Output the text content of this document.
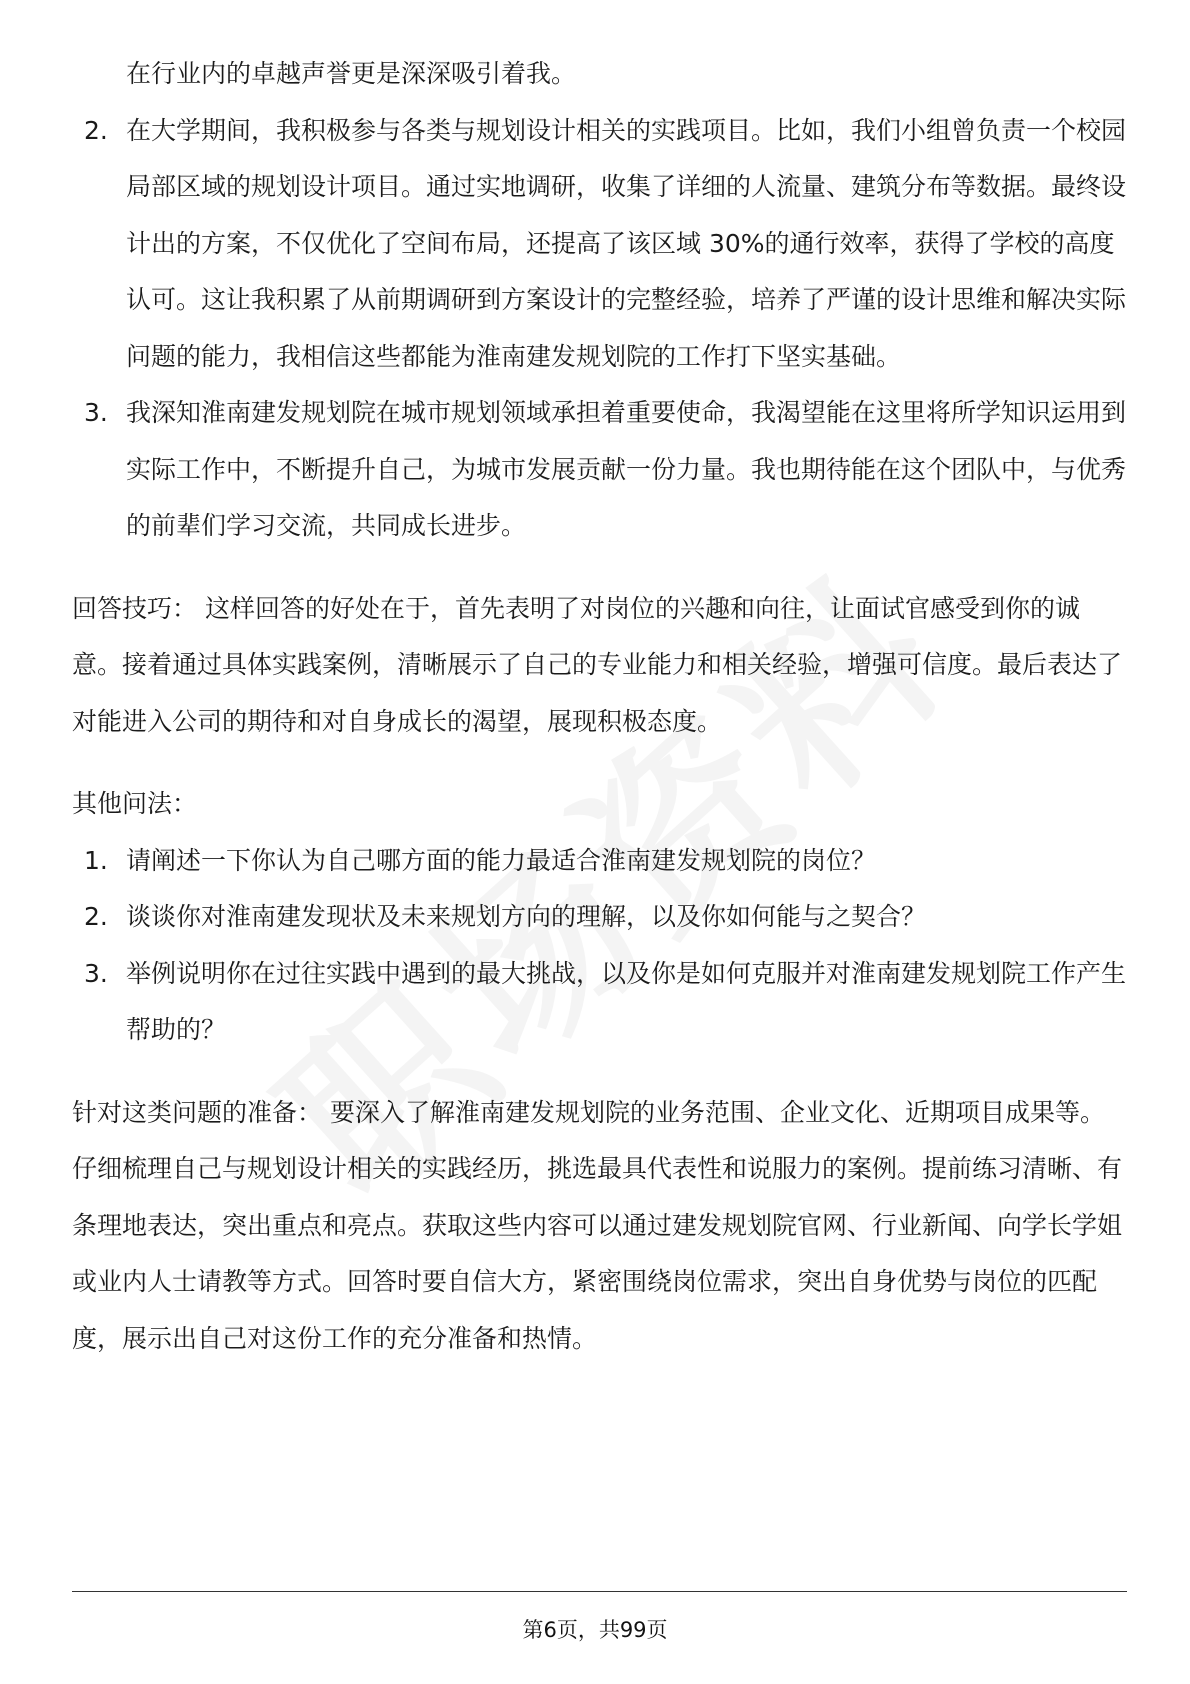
在行业内的卓越声誉更是深深吸引着我。

2. 在大学期间，我积极参与各类与规划设计相关的实践项目。比如，我们小组曾负责一个校园局部区域的规划设计项目。通过实地调研，收集了详细的人流量、建筑分布等数据。最终设计出的方案，不仅优化了空间布局，还提高了该区域 30%的通行效率，获得了学校的高度认可。这让我积累了从前期调研到方案设计的完整经验，培养了严谨的设计思维和解决实际问题的能力，我相信这些都能为淮南建发规划院的工作打下坚实基础。
3. 我深知淮南建发规划院在城市规划领域承担着重要使命，我渴望能在这里将所学知识运用到实际工作中，不断提升自己，为城市发展贡献一份力量。我也期待能在这个团队中，与优秀的前辈们学习交流，共同成长进步。

回答技巧： 这样回答的好处在于，首先表明了对岗位的兴趣和向往，让面试官感受到你的诚意。接着通过具体实践案例，清晰展示了自己的专业能力和相关经验，增强可信度。最后表达了对能进入公司的期待和对自身成长的渴望，展现积极态度。

其他问法：

1. 请阐述一下你认为自己哪方面的能力最适合淮南建发规划院的岗位？
2. 谈谈你对淮南建发现状及未来规划方向的理解，以及你如何能与之契合？
3. 举例说明你在过往实践中遇到的最大挑战，以及你是如何克服并对淮南建发规划院工作产生帮助的？

针对这类问题的准备： 要深入了解淮南建发规划院的业务范围、企业文化、近期项目成果等。仔细梳理自己与规划设计相关的实践经历，挑选最具代表性和说服力的案例。提前练习清晰、有条理地表达，突出重点和亮点。获取这些内容可以通过建发规划院官网、行业新闻、向学长学姐或业内人士请教等方式。回答时要自信大方，紧密围绕岗位需求，突出自身优势与岗位的匹配度，展示出自己对这份工作的充分准备和热情。

第6页，共99页
